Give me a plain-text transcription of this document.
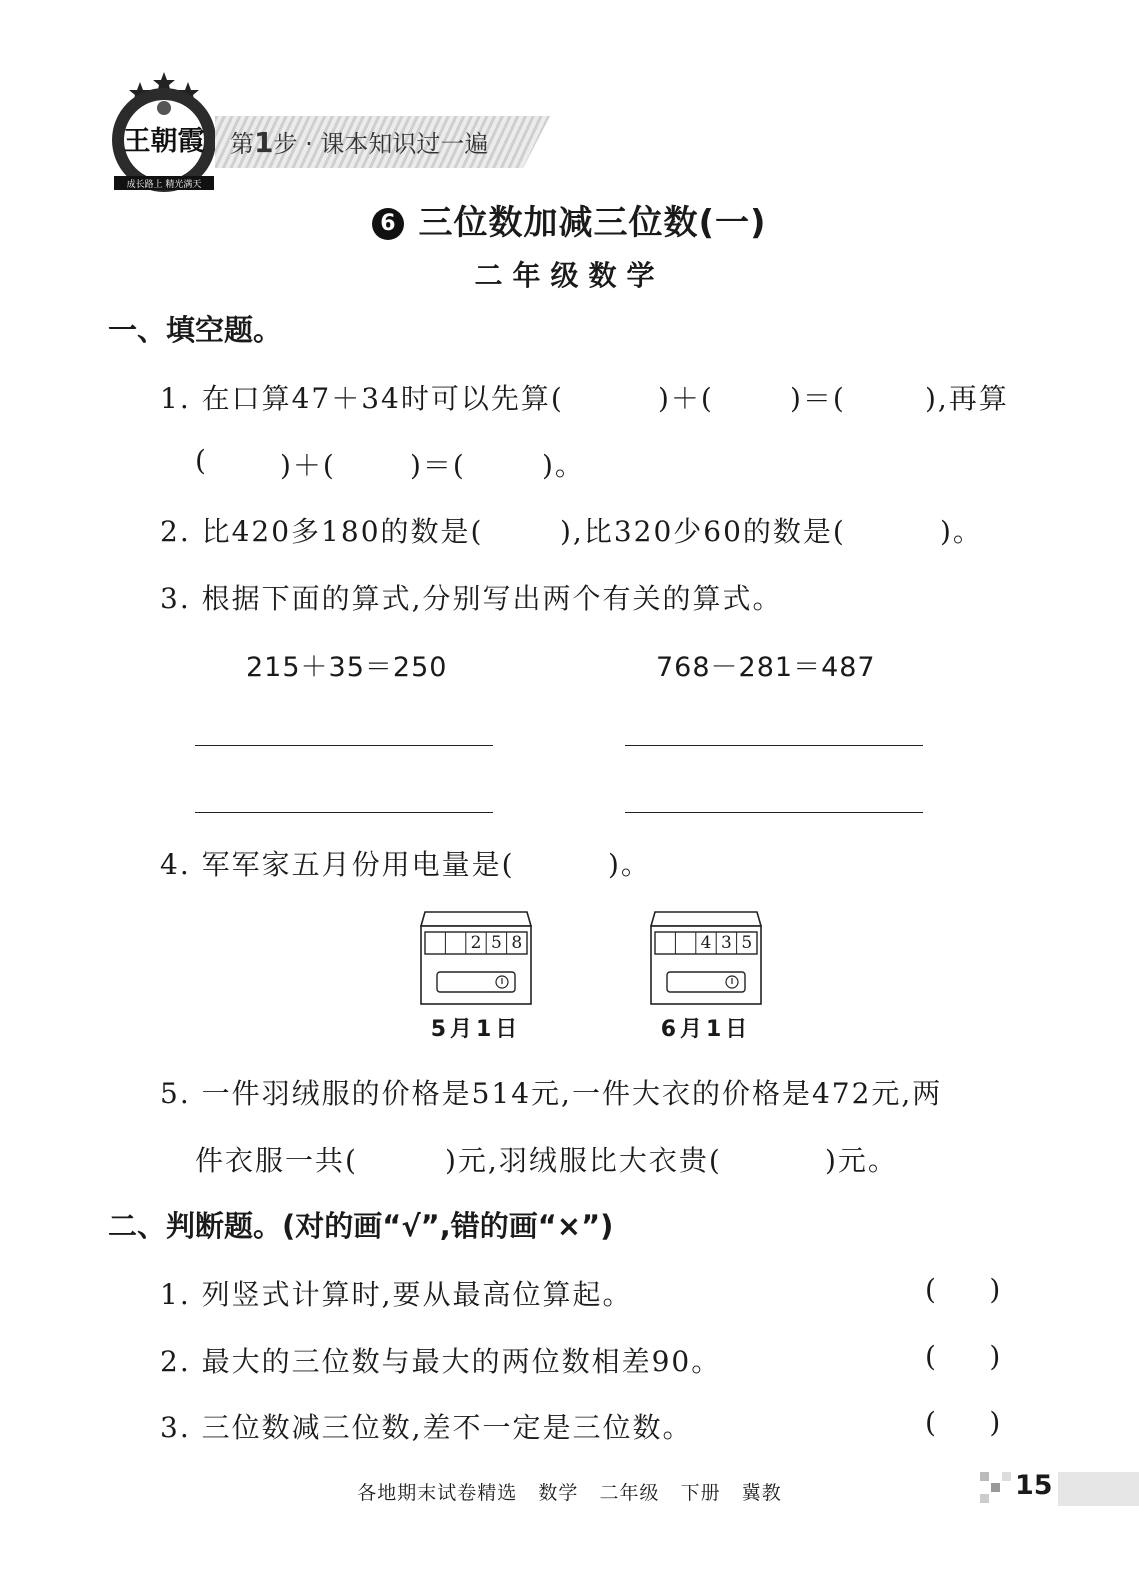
王朝霞
成长路上 精光满天
第1步 · 课本知识过一遍
6 三位数加减三位数(一)
二年级数学
一、填空题。
1. 在口算47＋34时可以先算(	)＋(	)＝(	),再算
(	)＋(	)＝(	)。
2. 比420多180的数是(	),比320少60的数是(	)。
3. 根据下面的算式,分别写出两个有关的算式。
215＋35＝250	768－281＝487
4. 军军家五月份用电量是(	)。
2 5 8
5月1日
4 3 5
6月1日
5. 一件羽绒服的价格是514元,一件大衣的价格是472元,两
件衣服一共(	)元,羽绒服比大衣贵(	)元。
二、判断题。(对的画“√”,错的画“×”)
1. 列竖式计算时,要从最高位算起。	(      )
2. 最大的三位数与最大的两位数相差90。	(      )
3. 三位数减三位数,差不一定是三位数。	(      )
各地期末试卷精选   数学   二年级   下册   冀教	15
